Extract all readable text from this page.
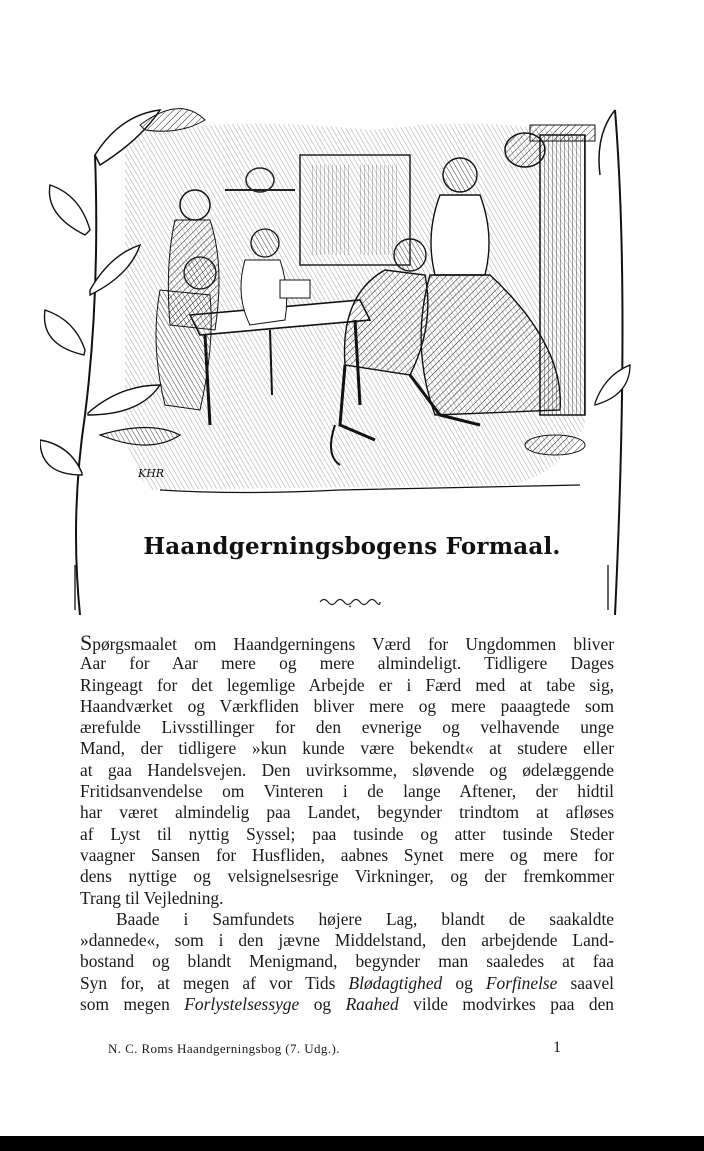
KHR
Haandgerningsbogens Formaal.
Spørgsmaalet om Haandgerningens Værd for Ungdommen bliver
Aar for Aar mere og mere almindeligt. Tidligere Dages
Ringeagt for det legemlige Arbejde er i Færd med at tabe sig,
Haandværket og Værkfliden bliver mere og mere paaagtede som
ærefulde Livsstillinger for den evnerige og velhavende unge
Mand, der tidligere »kun kunde være bekendt« at studere eller
at gaa Handelsvejen. Den uvirksomme, sløvende og ødelæggende
Fritidsanvendelse om Vinteren i de lange Aftener, der hidtil
har været almindelig paa Landet, begynder trindtom at afløses
af Lyst til nyttig Syssel; paa tusinde og atter tusinde Steder
vaagner Sansen for Husfliden, aabnes Synet mere og mere for
dens nyttige og velsignelsesrige Virkninger, og der fremkommer
Trang til Vejledning.
Baade i Samfundets højere Lag, blandt de saakaldte
»dannede«, som i den jævne Middelstand, den arbejdende Land-
bostand og blandt Menigmand, begynder man saaledes at faa
Syn for, at megen af vor Tids Blødagtighed og Forfinelse saavel
som megen Forlystelsessyge og Raahed vilde modvirkes paa den
N. C. Roms Haandgerningsbog (7. Udg.).	1
